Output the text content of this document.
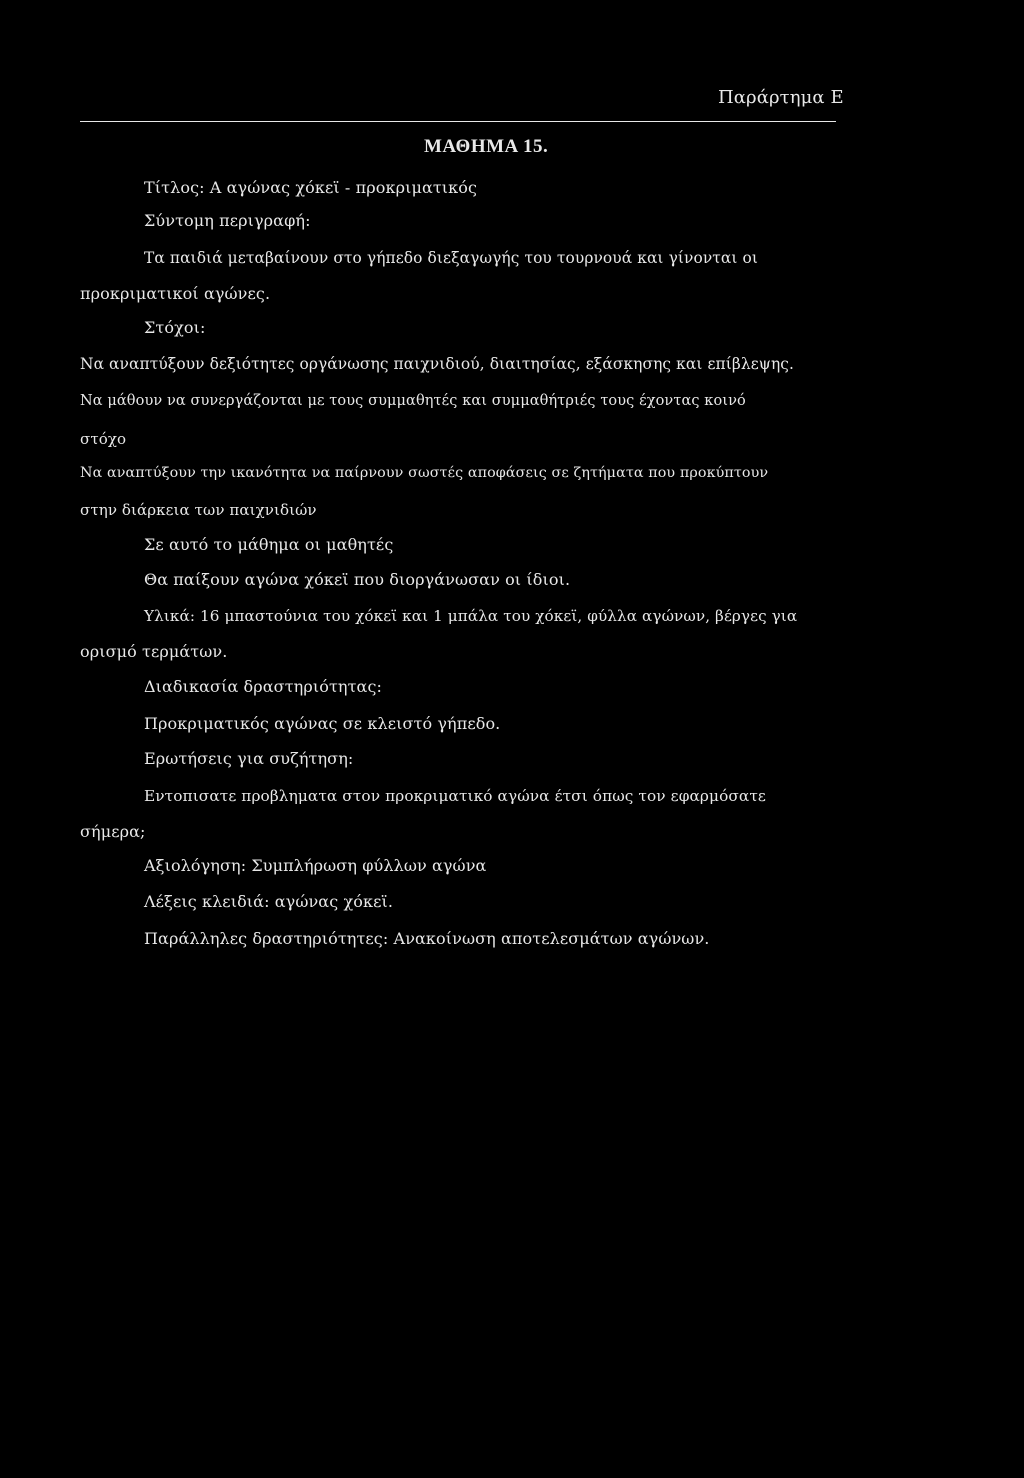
Παράρτημα Ε
ΜΑΘΗΜΑ 15.
Τίτλος: Α αγώνας χόκεϊ - προκριματικός
Σύντομη περιγραφή:
Τα παιδιά μεταβαίνουν στο γήπεδο διεξαγωγής του τουρνουά και γίνονται οι
προκριματικοί αγώνες.
Στόχοι:
Να αναπτύξουν δεξιότητες οργάνωσης παιχνιδιού, διαιτησίας, εξάσκησης και επίβλεψης.
Να μάθουν να συνεργάζονται με τους συμμαθητές και συμμαθήτριές τους έχοντας κοινό
στόχο
Να αναπτύξουν την ικανότητα να παίρνουν σωστές αποφάσεις σε ζητήματα που προκύπτουν
στην διάρκεια των παιχνιδιών
Σε αυτό το μάθημα οι μαθητές
Θα παίξουν αγώνα χόκεϊ που διοργάνωσαν οι ίδιοι.
Υλικά: 16 μπαστούνια του χόκεϊ και 1 μπάλα του χόκεϊ, φύλλα αγώνων, βέργες για
ορισμό τερμάτων.
Διαδικασία δραστηριότητας:
Προκριματικός αγώνας σε κλειστό γήπεδο.
Ερωτήσεις για συζήτηση:
Εντοπισατε προβληματα στον προκριματικό αγώνα έτσι όπως τον εφαρμόσατε
σήμερα;
Αξιολόγηση: Συμπλήρωση φύλλων αγώνα
Λέξεις κλειδιά: αγώνας χόκεϊ.
Παράλληλες δραστηριότητες: Ανακοίνωση αποτελεσμάτων αγώνων.
